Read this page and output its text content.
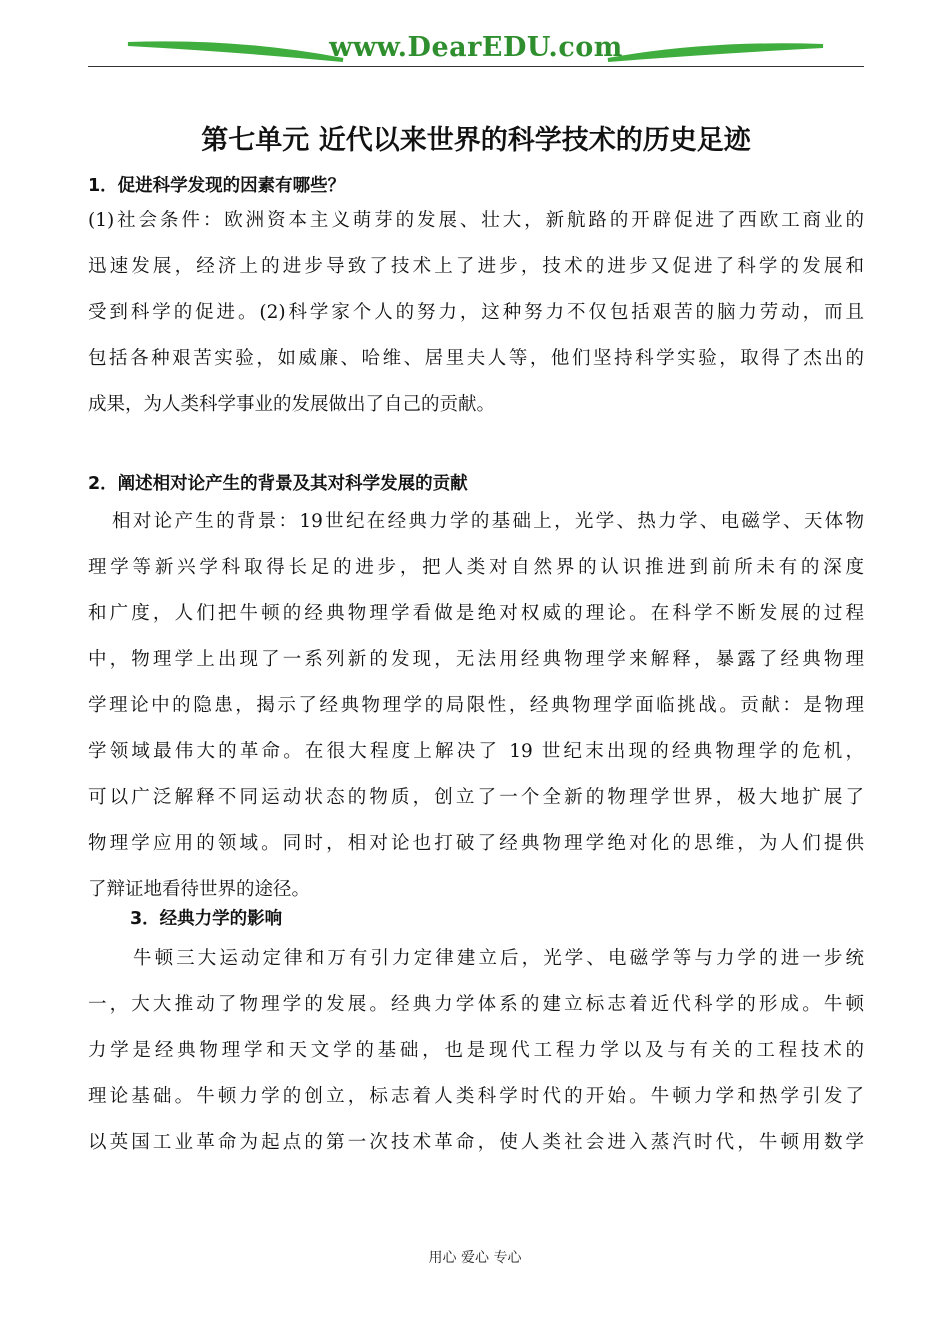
www.DearEDU.com
第七单元 近代以来世界的科学技术的历史足迹
1．促进科学发现的因素有哪些？
(1)社会条件：欧洲资本主义萌芽的发展、壮大，新航路的开辟促进了西欧工商业的
迅速发展，经济上的进步导致了技术上了进步，技术的进步又促进了科学的发展和
受到科学的促进。(2)科学家个人的努力，这种努力不仅包括艰苦的脑力劳动，而且
包括各种艰苦实验，如威廉、哈维、居里夫人等，他们坚持科学实验，取得了杰出的
成果，为人类科学事业的发展做出了自己的贡献。
2．阐述相对论产生的背景及其对科学发展的贡献
相对论产生的背景：19世纪在经典力学的基础上，光学、热力学、电磁学、天体物
理学等新兴学科取得长足的进步，把人类对自然界的认识推进到前所未有的深度
和广度，人们把牛顿的经典物理学看做是绝对权威的理论。在科学不断发展的过程
中，物理学上出现了一系列新的发现，无法用经典物理学来解释，暴露了经典物理
学理论中的隐患，揭示了经典物理学的局限性，经典物理学面临挑战。贡献：是物理
学领域最伟大的革命。在很大程度上解决了 19 世纪末出现的经典物理学的危机，
可以广泛解释不同运动状态的物质，创立了一个全新的物理学世界，极大地扩展了
物理学应用的领域。同时，相对论也打破了经典物理学绝对化的思维，为人们提供
了辩证地看待世界的途径。
3．经典力学的影响
牛顿三大运动定律和万有引力定律建立后，光学、电磁学等与力学的进一步统
一，大大推动了物理学的发展。经典力学体系的建立标志着近代科学的形成。牛顿
力学是经典物理学和天文学的基础，也是现代工程力学以及与有关的工程技术的
理论基础。牛顿力学的创立，标志着人类科学时代的开始。牛顿力学和热学引发了
以英国工业革命为起点的第一次技术革命，使人类社会进入蒸汽时代，牛顿用数学
用心 爱心 专心
